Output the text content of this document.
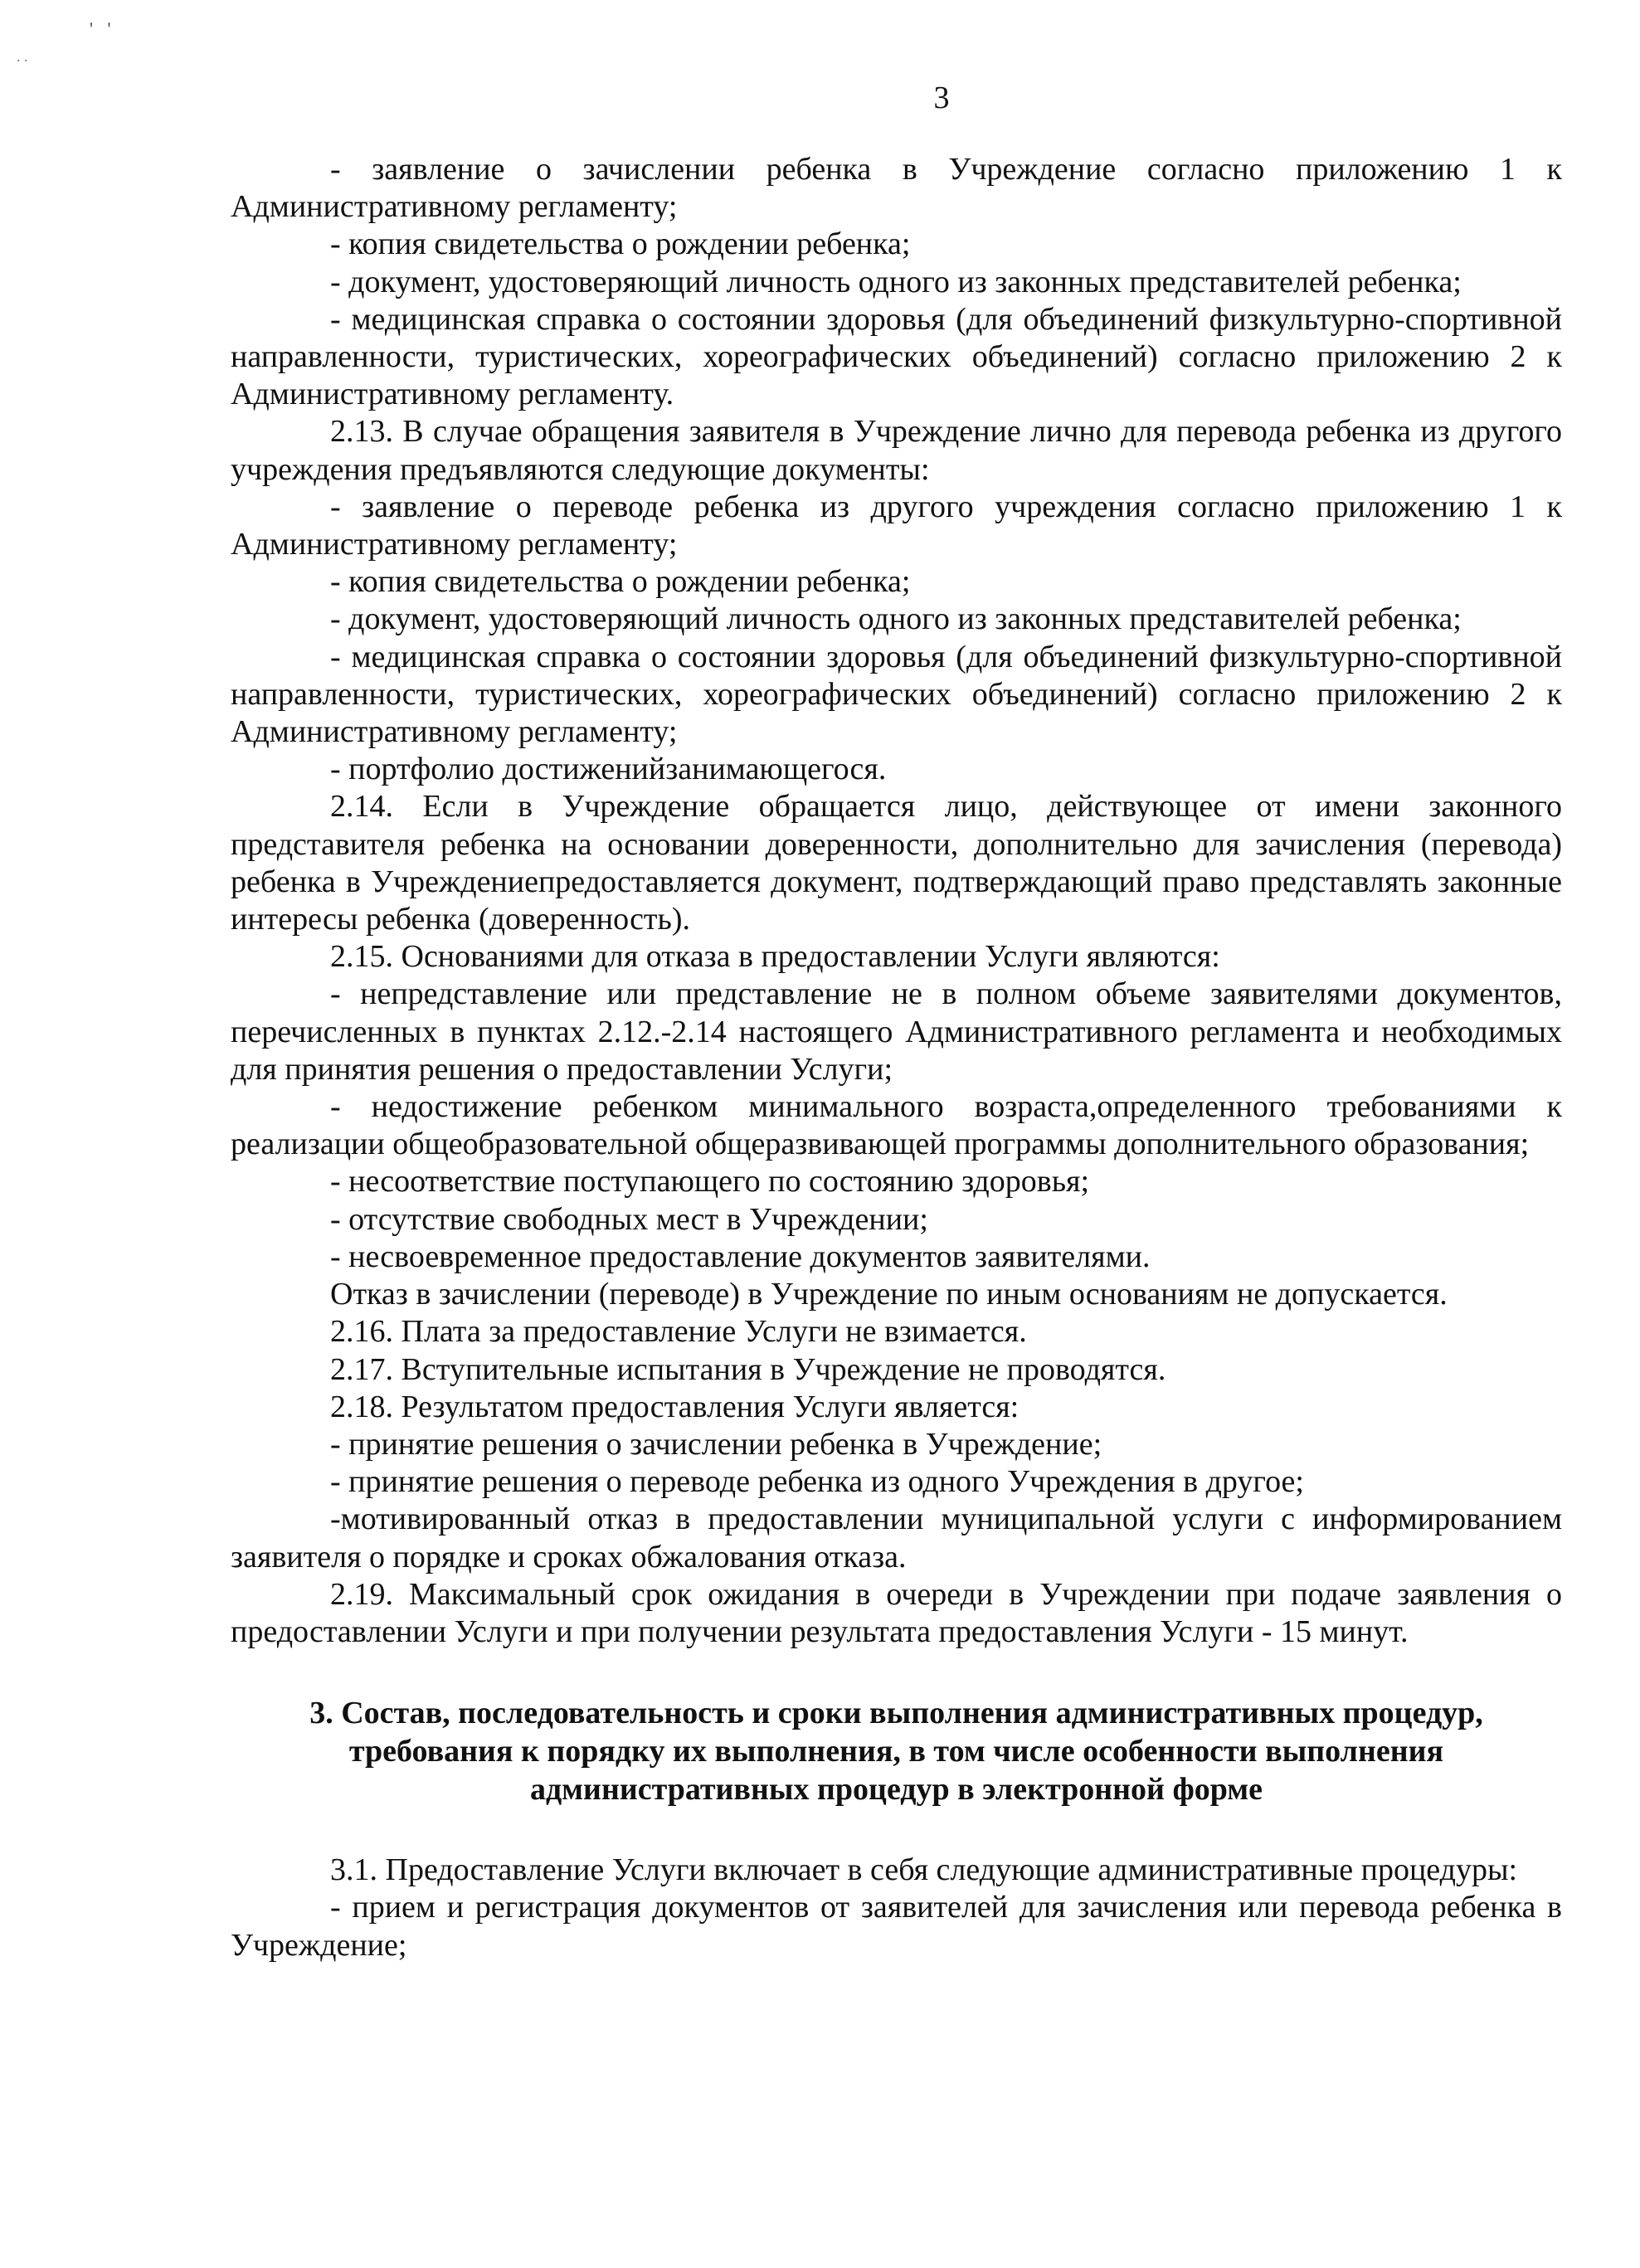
' '
. .
3

- заявление о зачислении ребенка в Учреждение согласно приложению 1 к Административному регламенту;

- копия свидетельства о рождении ребенка;

- документ, удостоверяющий личность одного из законных представителей ребенка;

- медицинская справка о состоянии здоровья (для объединений физкультурно-спортивной направленности, туристических, хореографических объединений) согласно приложению 2 к Административному регламенту.

2.13. В случае обращения заявителя в Учреждение лично для перевода ребенка из другого учреждения предъявляются следующие документы:

- заявление о переводе ребенка из другого учреждения согласно приложению 1 к Административному регламенту;

- копия свидетельства о рождении ребенка;

- документ, удостоверяющий личность одного из законных представителей ребенка;

- медицинская справка о состоянии здоровья (для объединений физкультурно-спортивной направленности, туристических, хореографических объединений) согласно приложению 2 к Административному регламенту;

- портфолио достиженийзанимающегося.

2.14. Если в Учреждение обращается лицо, действующее от имени законного представителя ребенка на основании доверенности, дополнительно для зачисления (перевода) ребенка в Учреждениепредоставляется документ, подтверждающий право представлять законные интересы ребенка (доверенность).

2.15. Основаниями для отказа в предоставлении Услуги являются:

- непредставление или представление не в полном объеме заявителями документов, перечисленных в пунктах 2.12.-2.14 настоящего Административного регламента и необходимых для принятия решения о предоставлении Услуги;

- недостижение ребенком минимального возраста,определенного требованиями к реализации общеобразовательной общеразвивающей программы дополнительного образования;

- несоответствие поступающего по состоянию здоровья;

- отсутствие свободных мест в Учреждении;

- несвоевременное предоставление документов заявителями.

Отказ в зачислении (переводе) в Учреждение по иным основаниям не допускается.

2.16. Плата за предоставление Услуги не взимается.

2.17. Вступительные испытания в Учреждение не проводятся.

2.18. Результатом предоставления Услуги является:

- принятие решения о зачислении ребенка в Учреждение;

- принятие решения о переводе ребенка из одного Учреждения в другое;

-мотивированный отказ в предоставлении муниципальной услуги с информированием заявителя о порядке и сроках обжалования отказа.

2.19. Максимальный срок ожидания в очереди в Учреждении при подаче заявления о предоставлении Услуги и при получении результата предоставления Услуги - 15 минут.

3. Состав, последовательность и сроки выполнения административных процедур, требования к порядку их выполнения, в том числе особенности выполнения административных процедур в электронной форме

3.1. Предоставление Услуги включает в себя следующие административные процедуры:

- прием и регистрация документов от заявителей для зачисления или перевода ребенка в Учреждение;
